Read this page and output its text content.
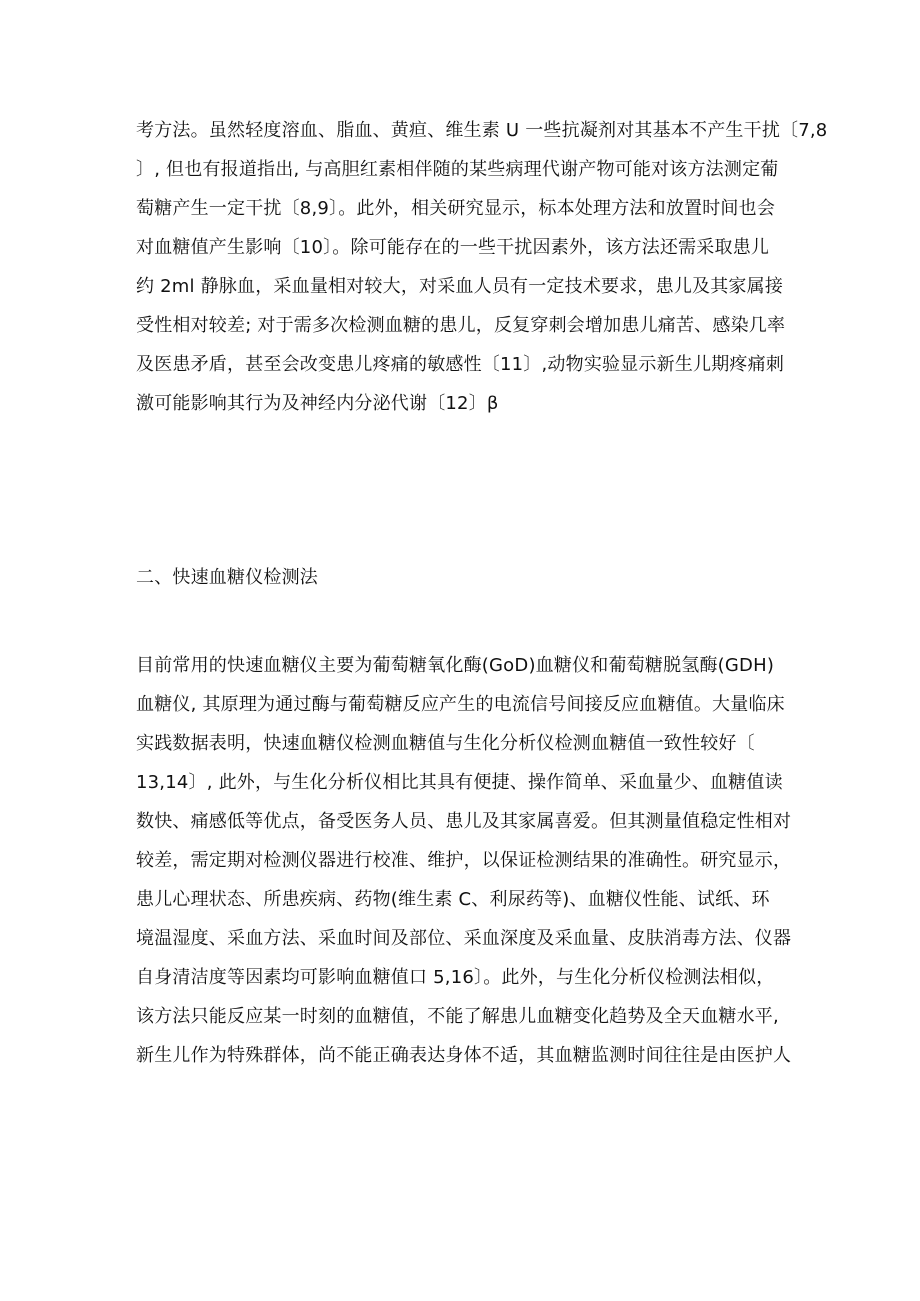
考方法。虽然轻度溶血、脂血、黄疸、维生素 U 一些抗凝剂对其基本不产生干扰〔7,8
〕, 但也有报道指出, 与高胆红素相伴随的某些病理代谢产物可能对该方法测定葡
萄糖产生一定干扰〔8,9〕。此外，相关研究显示，标本处理方法和放置时间也会
对血糖值产生影响〔10〕。除可能存在的一些干扰因素外，该方法还需采取患儿
约 2ml 静脉血，采血量相对较大，对采血人员有一定技术要求，患儿及其家属接
受性相对较差; 对于需多次检测血糖的患儿，反复穿刺会增加患儿痛苦、感染几率
及医患矛盾，甚至会改变患儿疼痛的敏感性〔11〕,动物实验显示新生儿期疼痛刺
激可能影响其行为及神经内分泌代谢〔12〕β
二、快速血糖仪检测法
目前常用的快速血糖仪主要为葡萄糖氧化酶(GoD)血糖仪和葡萄糖脱氢酶(GDH)
血糖仪, 其原理为通过酶与葡萄糖反应产生的电流信号间接反应血糖值。大量临床
实践数据表明，快速血糖仪检测血糖值与生化分析仪检测血糖值一致性较好〔
13,14〕, 此外，与生化分析仪相比其具有便捷、操作简单、采血量少、血糖值读
数快、痛感低等优点，备受医务人员、患儿及其家属喜爱。但其测量值稳定性相对
较差，需定期对检测仪器进行校准、维护，以保证检测结果的准确性。研究显示，
患儿心理状态、所患疾病、药物(维生素 C、利尿药等)、血糖仪性能、试纸、环
境温湿度、采血方法、采血时间及部位、采血深度及采血量、皮肤消毒方法、仪器
自身清洁度等因素均可影响血糖值口 5,16〕。此外，与生化分析仪检测法相似，
该方法只能反应某一时刻的血糖值，不能了解患儿血糖变化趋势及全天血糖水平,
新生儿作为特殊群体，尚不能正确表达身体不适，其血糖监测时间往往是由医护人
